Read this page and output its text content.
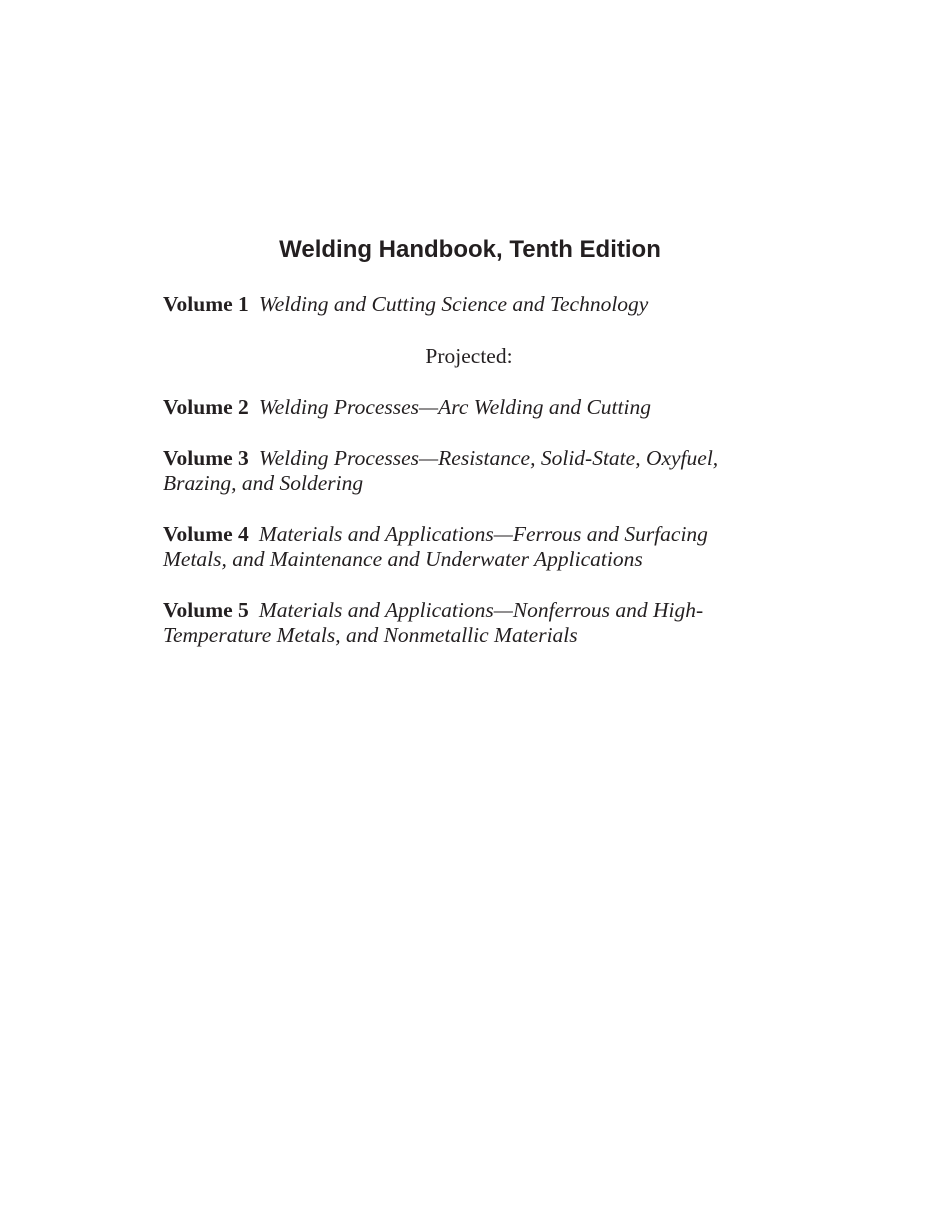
Welding Handbook, Tenth Edition
Volume 1 Welding and Cutting Science and Technology
Projected:
Volume 2 Welding Processes—Arc Welding and Cutting
Volume 3 Welding Processes—Resistance, Solid-State, Oxyfuel, Brazing, and Soldering
Volume 4 Materials and Applications—Ferrous and Surfacing Metals, and Maintenance and Underwater Applications
Volume 5 Materials and Applications—Nonferrous and High-Temperature Metals, and Nonmetallic Materials
